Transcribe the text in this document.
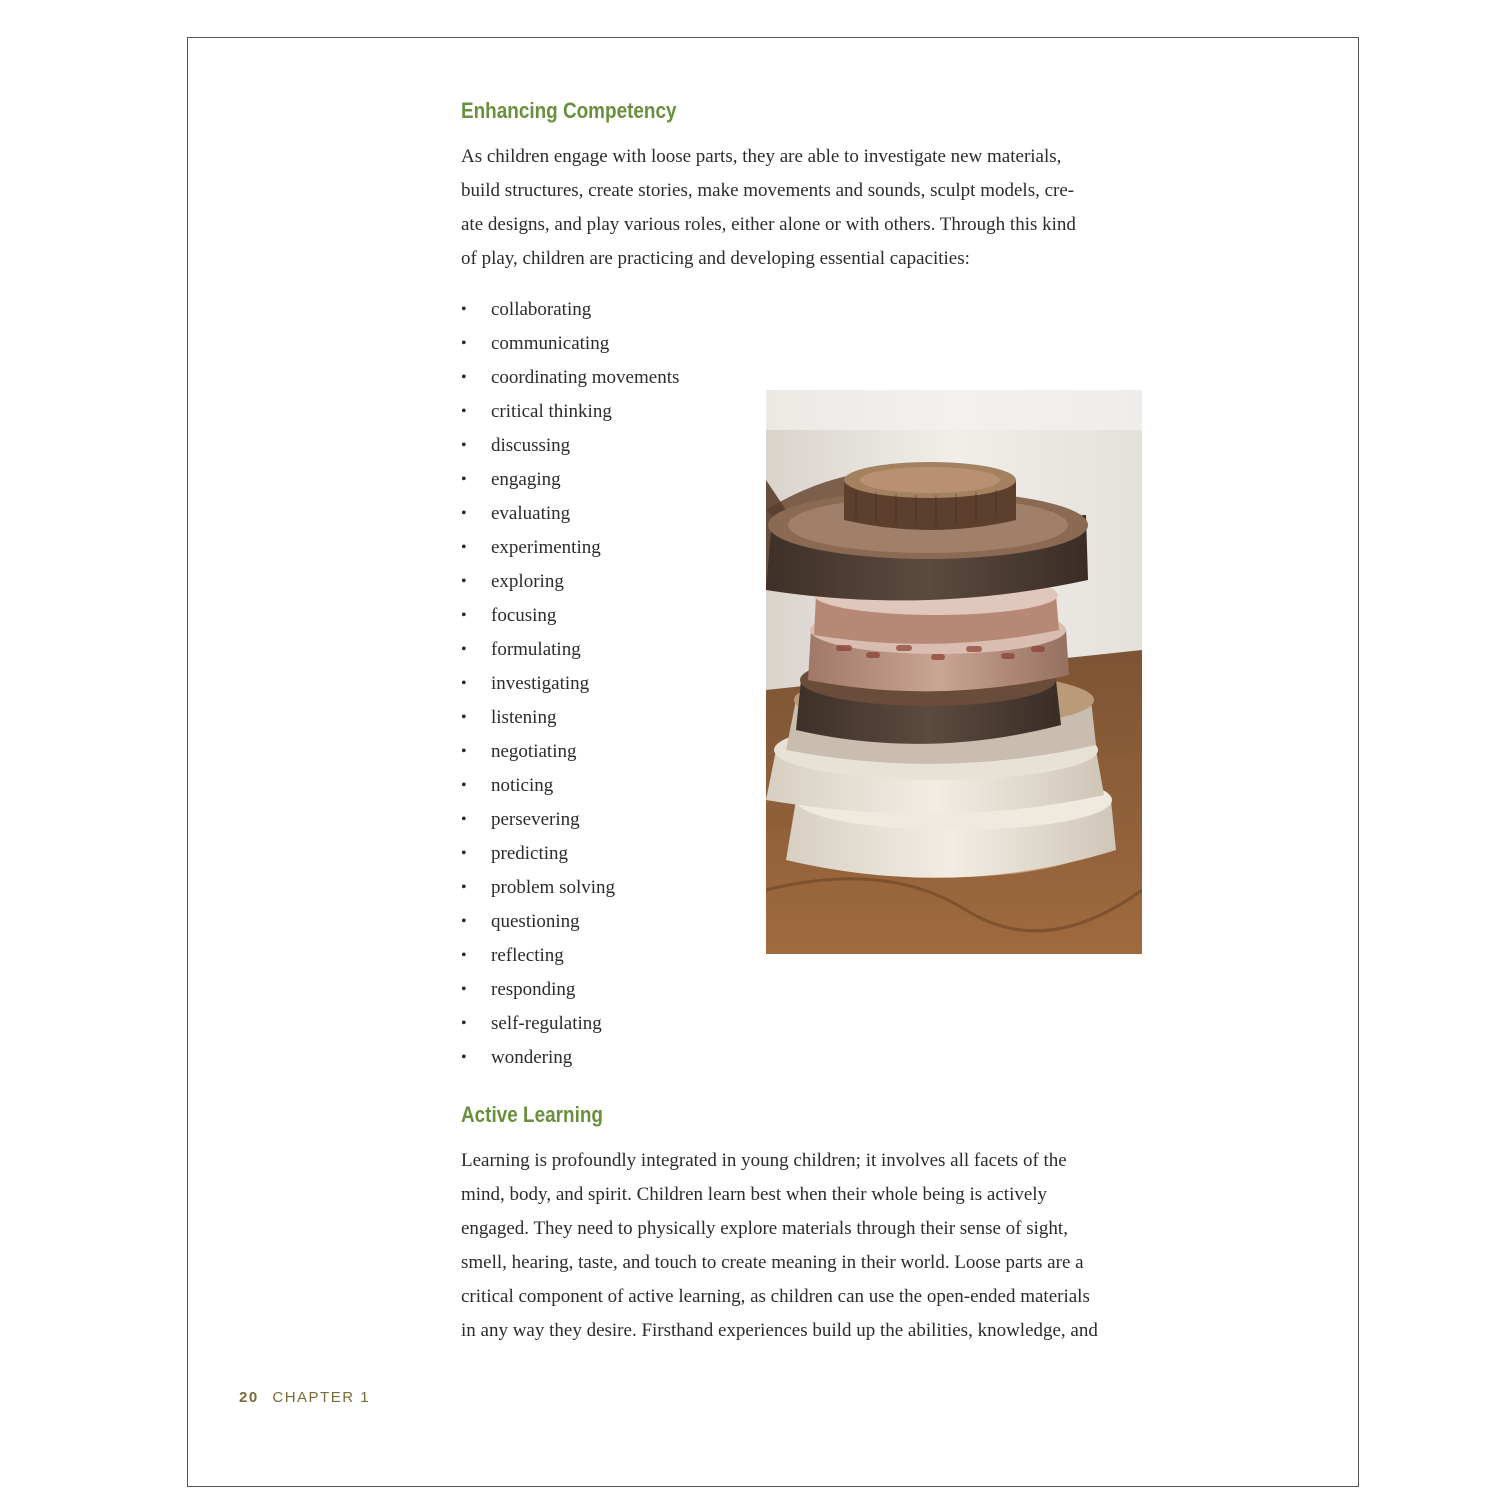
Enhancing Competency

As children engage with loose parts, they are able to investigate new materials,
build structures, create stories, make movements and sounds, sculpt models, cre-
ate designs, and play various roles, either alone or with others. Through this kind
of play, children are practicing and developing essential capacities:

• collaborating
• communicating
• coordinating movements
• critical thinking
• discussing
• engaging
• evaluating
• experimenting
• exploring
• focusing
• formulating
• investigating
• listening
• negotiating
• noticing
• persevering
• predicting
• problem solving
• questioning
• reflecting
• responding
• self-regulating
• wondering
Active Learning

Learning is profoundly integrated in young children; it involves all facets of the
mind, body, and spirit. Children learn best when their whole being is actively
engaged. They need to physically explore materials through their sense of sight,
smell, hearing, taste, and touch to create meaning in their world. Loose parts are a
critical component of active learning, as children can use the open-ended materials
in any way they desire. Firsthand experiences build up the abilities, knowledge, and

20 CHAPTER 1
